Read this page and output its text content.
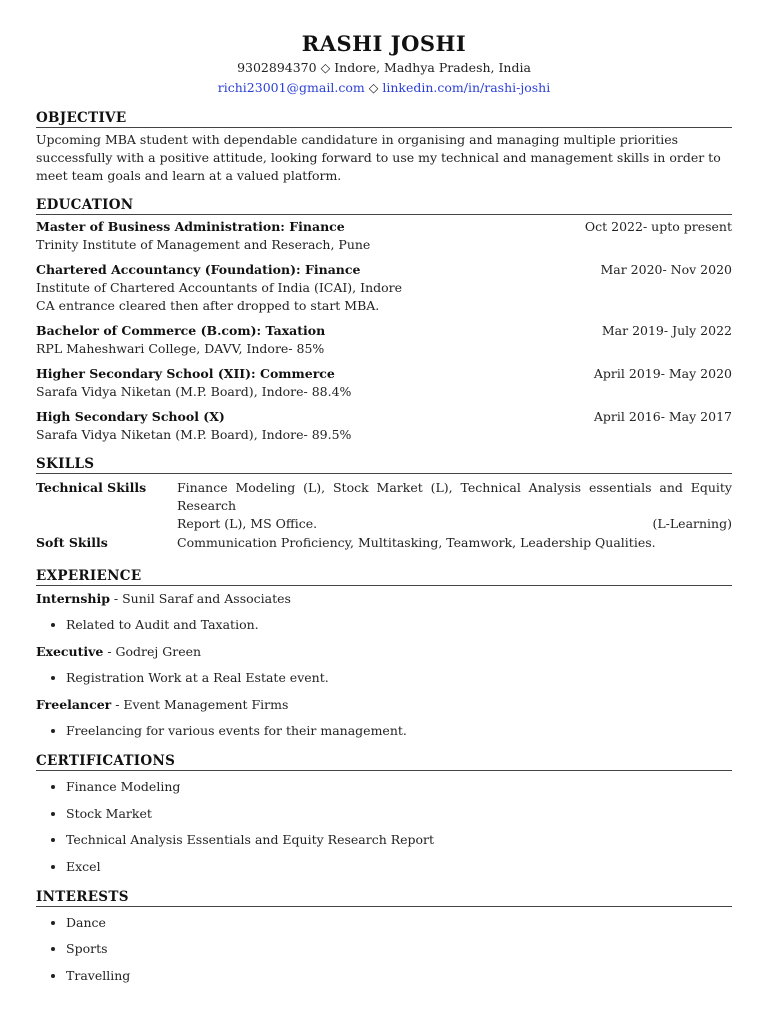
RASHI JOSHI
9302894370 ◇ Indore, Madhya Pradesh, India
richi23001@gmail.com ◇ linkedin.com/in/rashi-joshi
OBJECTIVE

Upcoming MBA student with dependable candidature in organising and managing multiple priorities successfully with a positive attitude, looking forward to use my technical and management skills in order to meet team goals and learn at a valued platform.

EDUCATION
Master of Business Administration: Finance	Oct 2022- upto present
Trinity Institute of Management and Reserach, Pune
Chartered Accountancy (Foundation): Finance	Mar 2020- Nov 2020
Institute of Chartered Accountants of India (ICAI), Indore
CA entrance cleared then after dropped to start MBA.
Bachelor of Commerce (B.com): Taxation	Mar 2019- July 2022
RPL Maheshwari College, DAVV, Indore- 85%
Higher Secondary School (XII): Commerce	April 2019- May 2020
Sarafa Vidya Niketan (M.P. Board), Indore- 88.4%
High Secondary School (X)	April 2016- May 2017
Sarafa Vidya Niketan (M.P. Board), Indore- 89.5%
SKILLS
Technical Skills	Finance Modeling (L), Stock Market (L), Technical Analysis essentials and Equity Research
Report (L), MS Office.	(L-Learning)
Soft Skills	Communication Proficiency, Multitasking, Teamwork, Leadership Qualities.
EXPERIENCE
Internship - Sunil Saraf and Associates
• Related to Audit and Taxation.
Executive - Godrej Green
• Registration Work at a Real Estate event.
Freelancer - Event Management Firms
• Freelancing for various events for their management.
CERTIFICATIONS
• Finance Modeling
• Stock Market
• Technical Analysis Essentials and Equity Research Report
• Excel
INTERESTS
• Dance
• Sports
• Travelling
